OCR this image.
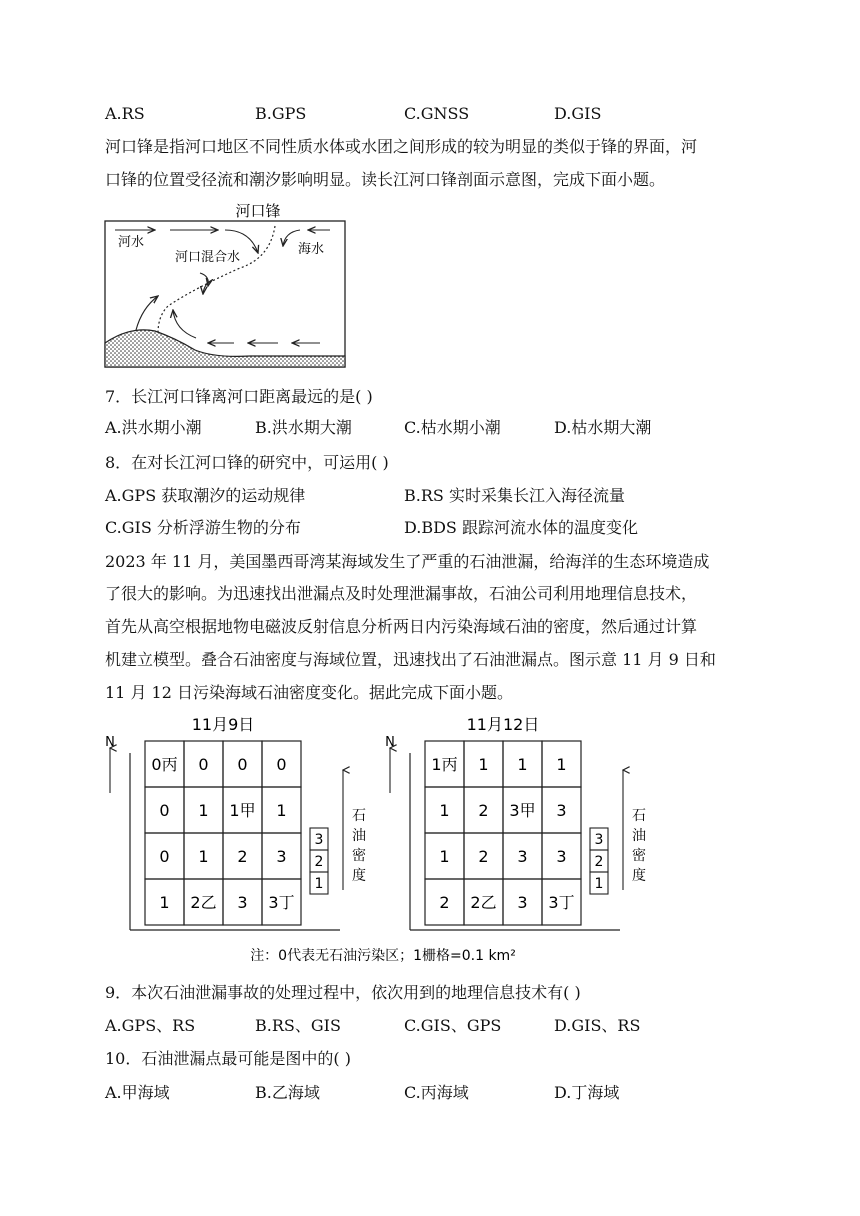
A.RS	B.GPS	C.GNSS	D.GIS
河口锋是指河口地区不同性质水体或水团之间形成的较为明显的类似于锋的界面，河
口锋的位置受径流和潮汐影响明显。读长江河口锋剖面示意图，完成下面小题。
河口锋
河水	海水
河口混合水
7．长江河口锋离河口距离最远的是( )
A.洪水期小潮	B.洪水期大潮	C.枯水期小潮	D.枯水期大潮
8．在对长江河口锋的研究中，可运用( )
A.GPS 获取潮汐的运动规律	B.RS 实时采集长江入海径流量
C.GIS 分析浮游生物的分布	D.BDS 跟踪河流水体的温度变化
2023 年 11 月，美国墨西哥湾某海域发生了严重的石油泄漏，给海洋的生态环境造成
了很大的影响。为迅速找出泄漏点及时处理泄漏事故，石油公司利用地理信息技术，
首先从高空根据地物电磁波反射信息分析两日内污染海域石油的密度，然后通过计算
机建立模型。叠合石油密度与海域位置，迅速找出了石油泄漏点。图示意 11 月 9 日和
11 月 12 日污染海域石油密度变化。据此完成下面小题。
11月9日
N
0丙 0 0 0
0 1 1甲 1
0 1 2 3
1 2乙 3 3丁
3
2
1
石
油
密
度
11月12日
N
1丙 1 1 1
1 2 3甲 3
1 2 3 3
2 2乙 3 3丁
3
2
1
石
油
密
度
注：0代表无石油污染区；1栅格=0.1 km²
9．本次石油泄漏事故的处理过程中，依次用到的地理信息技术有( )
A.GPS、RS	B.RS、GIS	C.GIS、GPS	D.GIS、RS
10．石油泄漏点最可能是图中的( )
A.甲海域	B.乙海域	C.丙海域	D.丁海域
